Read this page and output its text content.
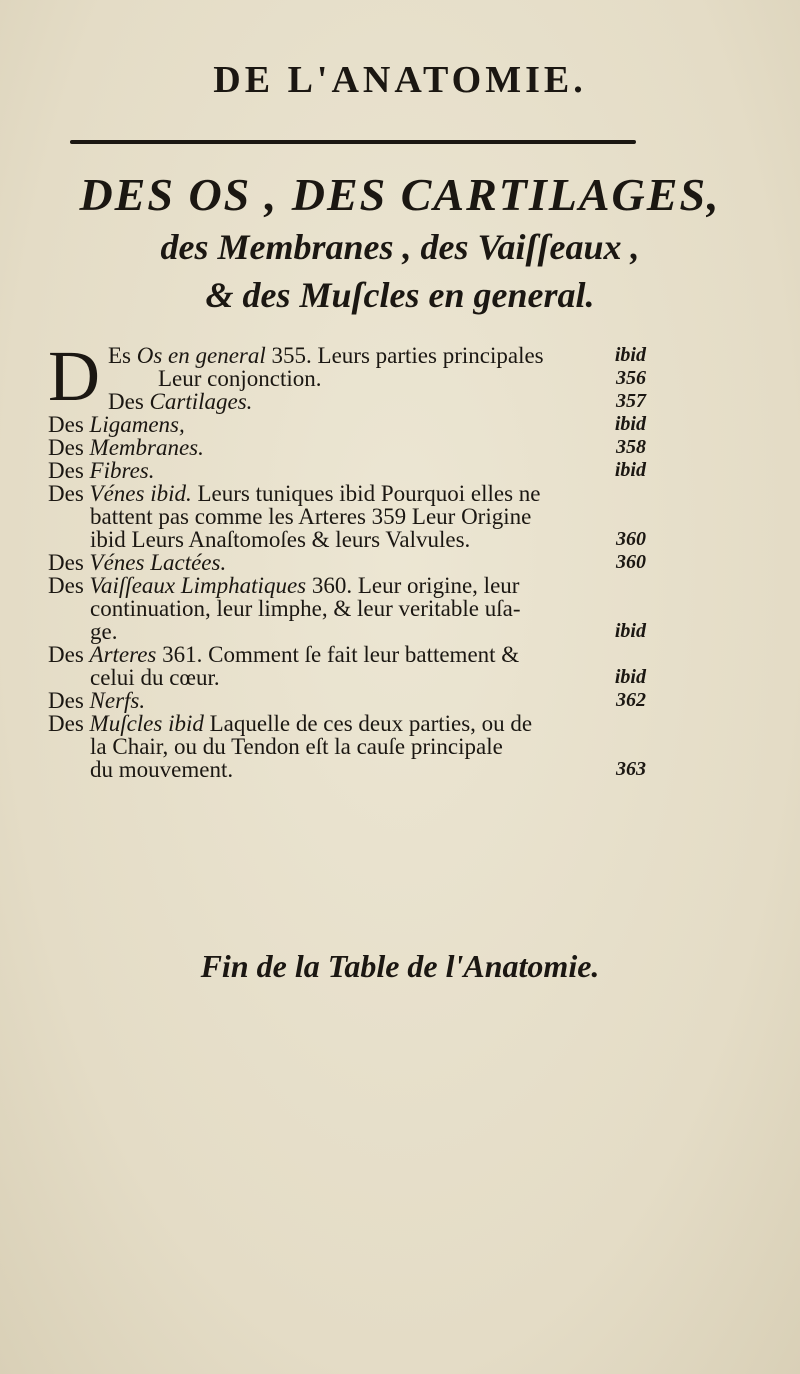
DE L'ANATOMIE.
DES OS , DES CARTILAGES,
des Membranes , des Vaiſſeaux ,
& des Muſcles en general.
D Es Os en general 355. Leurs parties principales	ibid
Leur conjonction.	356
Des Cartilages.	357
Des Ligamens,	ibid
Des Membranes.	358
Des Fibres.	ibid
Des Vénes ibid. Leurs tuniques ibid Pourquoi elles ne
battent pas comme les Arteres 359 Leur Origine
ibid Leurs Anaſtomoſes & leurs Valvules.	360
Des Vénes Lactées.	360
Des Vaiſſeaux Limphatiques 360. Leur origine, leur
continuation, leur limphe, & leur veritable uſa-
ge.	ibid
Des Arteres 361. Comment ſe fait leur battement &
celui du cœur.	ibid
Des Nerfs.	362
Des Muſcles ibid Laquelle de ces deux parties, ou de
la Chair, ou du Tendon eſt la cauſe principale
du mouvement.	363
Fin de la Table de l'Anatomie.
